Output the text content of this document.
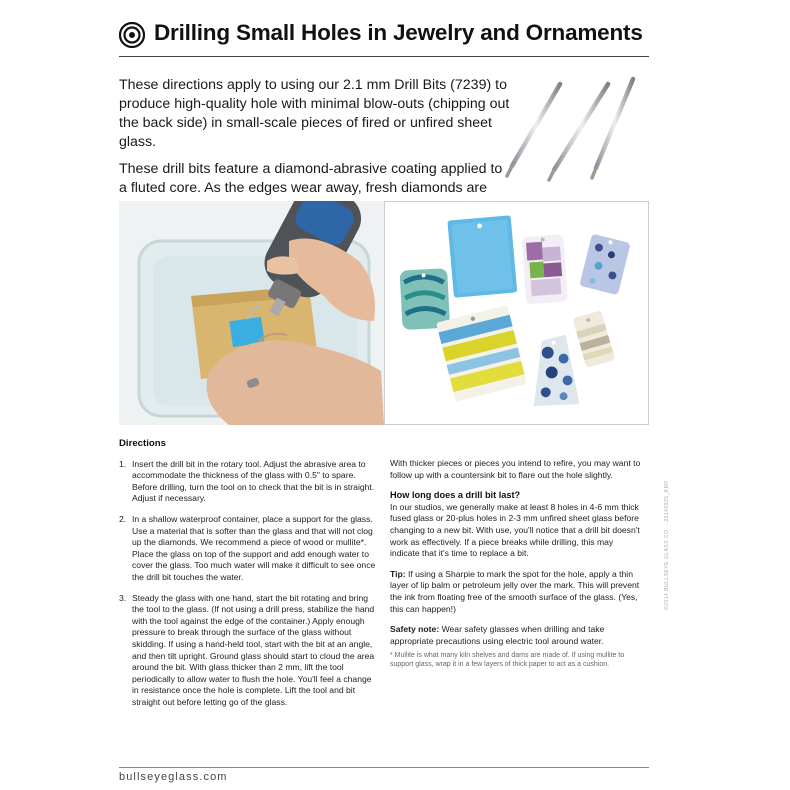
Drilling Small Holes in Jewelry and Ornaments

These directions apply to using our 2.1 mm Drill Bits (7239) to produce high-quality hole with minimal blow-outs (chipping out the back side) in small-scale pieces of fired or unfired sheet glass.

These drill bits feature a diamond-abrasive coating applied to a fluted core. As the edges wear away, fresh diamonds are of

Directions
1. Insert the drill bit in the rotary tool. Adjust the abrasive area to accommodate the thickness of the glass with 0.5" to spare. Before drilling, turn the tool on to check that the bit is in straight. Adjust if necessary.
2. In a shallow waterproof container, place a support for the glass. Use a material that is softer than the glass and that will not clog up the diamonds. We recommend a piece of wood or mullite*. Place the glass on top of the support and add enough water to cover the glass. Too much water will make it difficult to see once the drill bit touches the water.
3. Steady the glass with one hand, start the bit rotating and bring the tool to the glass. (If not using a drill press, stabilize the hand with the tool against the edge of the container.) Apply enough pressure to break through the surface of the glass without skidding. If using a hand-held tool, start with the bit at an angle, and then tilt upright. Ground glass should start to cloud the area around the bit. With glass thicker than 2 mm, lift the tool periodically to allow water to flush the hole. You'll feel a change in resistance once the hole is complete. Lift the tool and bit straight out before letting go of the glass.

With thicker pieces or pieces you intend to refire, you may want to follow up with a countersink bit to flare out the hole slightly.

How long does a drill bit last?

In our studios, we generally make at least 8 holes in 4-6 mm thick fused glass or 20-plus holes in 2-3 mm unfired sheet glass before changing to a new bit. With use, you'll notice that a drill bit doesn't work as effectively. If a piece breaks while drilling, this may indicate that it's time to replace a bit.

Tip: If using a Sharpie to mark the spot for the hole, apply a thin layer of lip balm or petroleum jelly over the mark. This will prevent the ink from floating free of the smooth surface of the glass. (Yes, this can happen!)

Safety note: Wear safety glasses when drilling and take appropriate precautions using electric tool around water.

* Mullite is what many kiln shelves and dams are made of. If using mullite to support glass, wrap it in a few layers of thick paper to act as a cushion.
©2014 BULLSEYE GLASS CO. · 20140925_KMF
bullseyeglass.com
